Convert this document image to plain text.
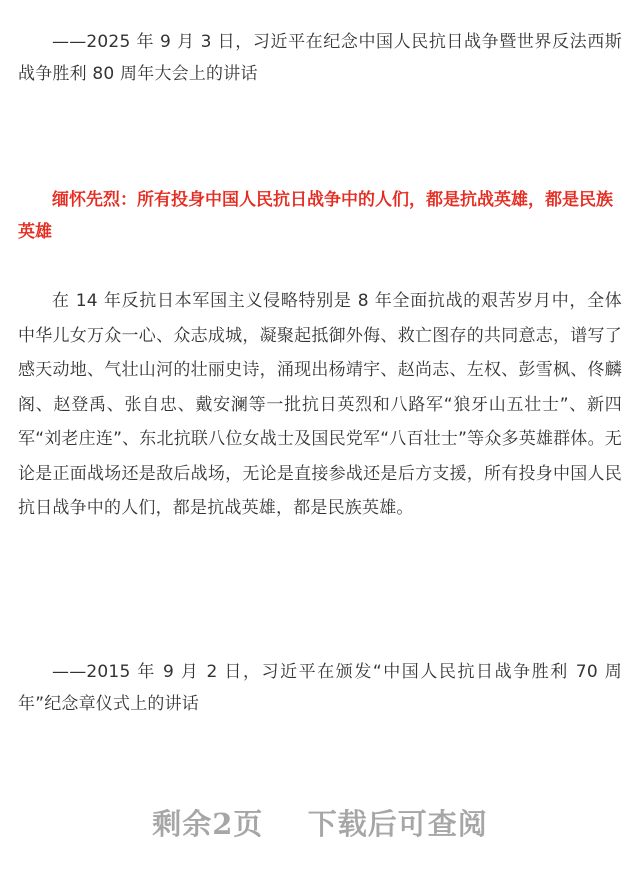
——2025 年 9 月 3 日，习近平在纪念中国人民抗日战争暨世界反法西斯战争胜利 80 周年大会上的讲话
缅怀先烈：所有投身中国人民抗日战争中的人们，都是抗战英雄，都是民族英雄
在 14 年反抗日本军国主义侵略特别是 8 年全面抗战的艰苦岁月中，全体中华儿女万众一心、众志成城，凝聚起抵御外侮、救亡图存的共同意志，谱写了感天动地、气壮山河的壮丽史诗，涌现出杨靖宇、赵尚志、左权、彭雪枫、佟麟阁、赵登禹、张自忠、戴安澜等一批抗日英烈和八路军“狼牙山五壮士”、新四军“刘老庄连”、东北抗联八位女战士及国民党军“八百壮士”等众多英雄群体。无论是正面战场还是敌后战场，无论是直接参战还是后方支援，所有投身中国人民抗日战争中的人们，都是抗战英雄，都是民族英雄。
——2015 年 9 月 2 日，习近平在颁发“中国人民抗日战争胜利 70 周年”纪念章仪式上的讲话
剩余2页    下载后可查阅
